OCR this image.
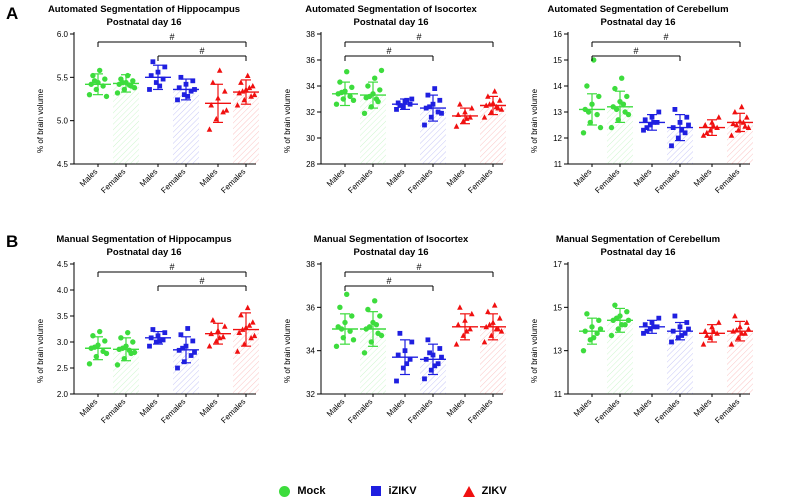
A
B
Automated Segmentation of Hippocampus
Postnatal day 16
% of brain volume
4.5
5.0
5.5
6.0
Males Females Males Females Males Females
#
#
Automated Segmentation of Isocortex
Postnatal day 16
% of brain volume
28
30
32
34
36
38
Males Females Males Females Males Females
#
#
Automated Segmentation of Cerebellum
Postnatal day 16
% of brain volume
11
12
13
14
15
16
Males Females Males Females Males Females
#
#
Manual Segmentation of Hippocampus
Postnatal day 16
% of brain volume
2.0
2.5
3.0
3.5
4.0
4.5
Males Females Males Females Males Females
#
#
Manual Segmentation of Isocortex
Postnatal day 16
% of brain volume
32
34
36
38
Males Females Males Females Males Females
#
#
Manual Segmentation of Cerebellum
Postnatal day 16
% of brain volume
11
13
15
17
Males Females Males Females Males Females
Mock	iZIKV	ZIKV
